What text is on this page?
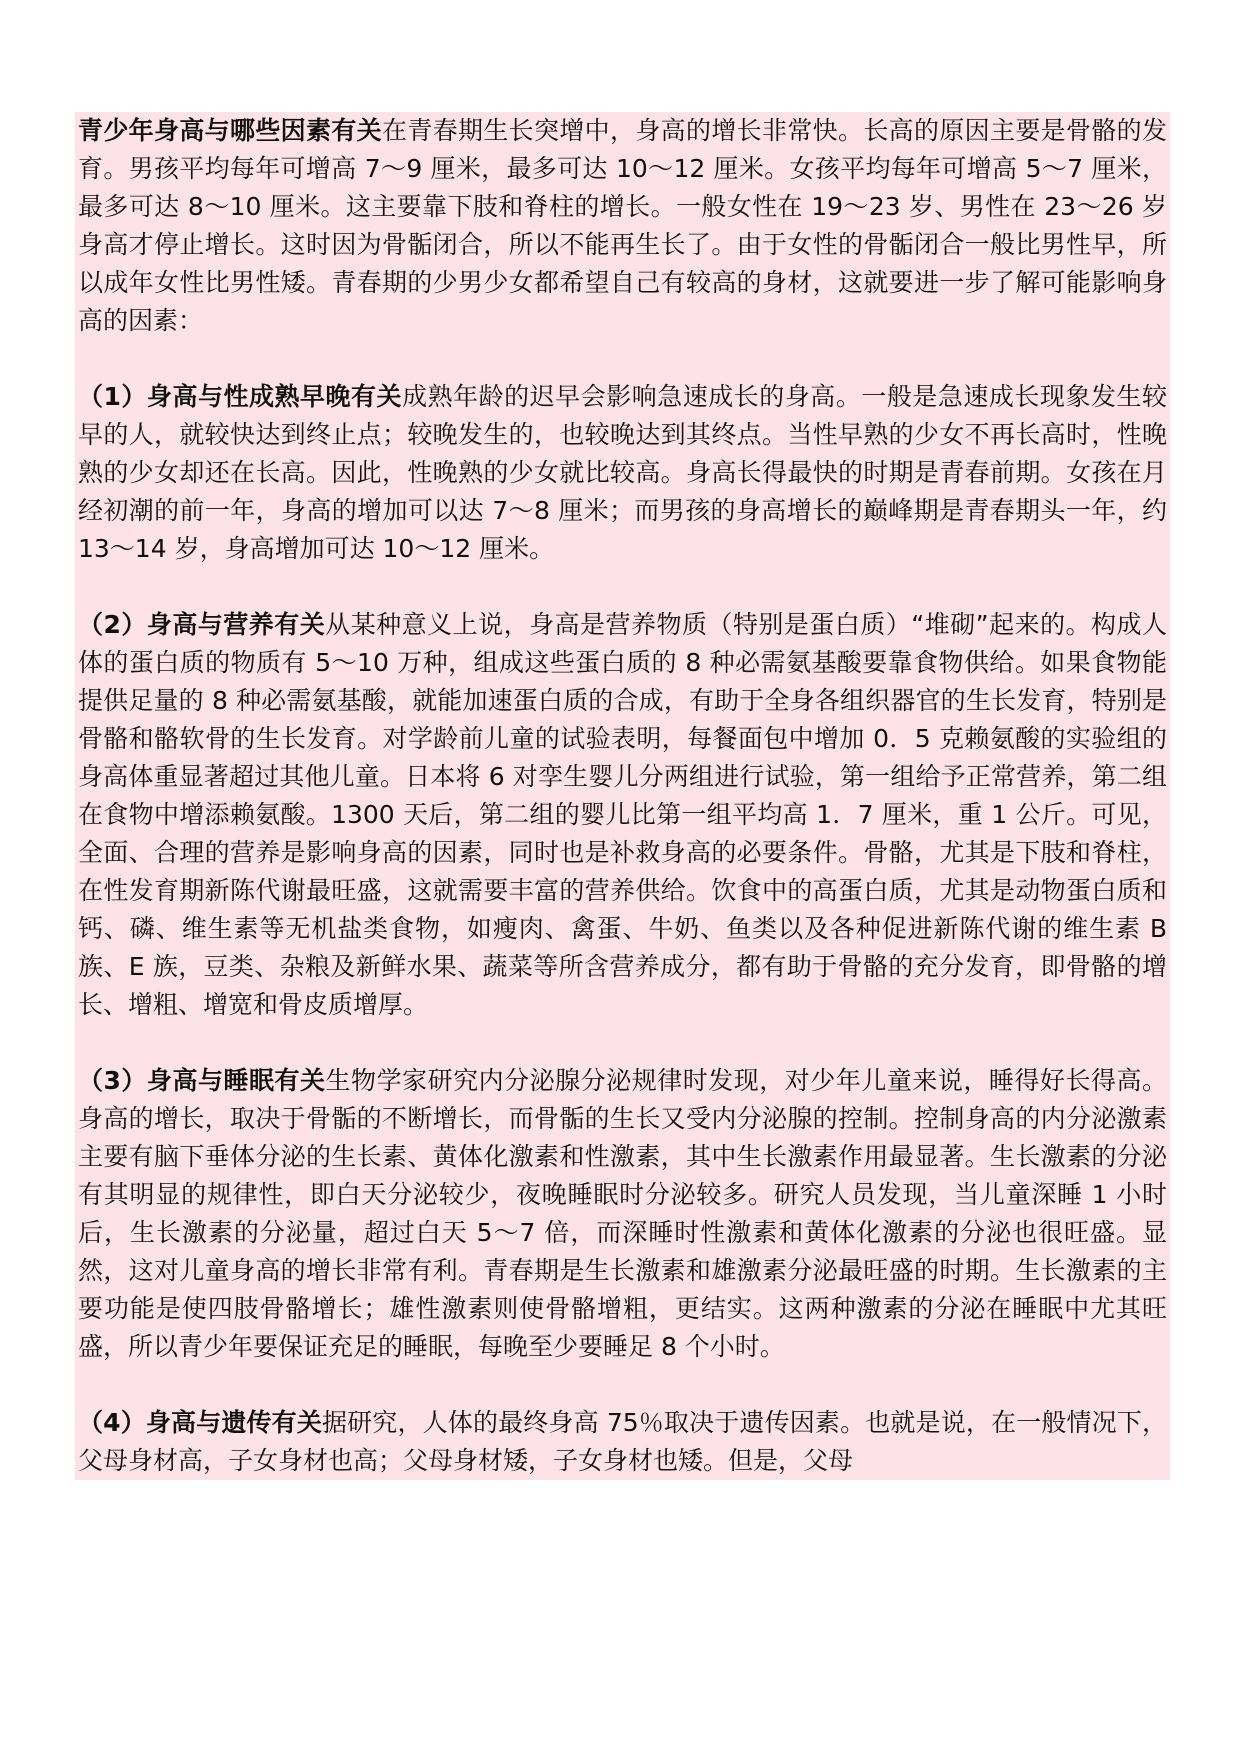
青少年身高与哪些因素有关在青春期生长突增中，身高的增长非常快。长高的原因主要是骨骼的发育。男孩平均每年可增高 7～9 厘米，最多可达 10～12 厘米。女孩平均每年可增高 5～7 厘米，最多可达 8～10 厘米。这主要靠下肢和脊柱的增长。一般女性在 19～23 岁、男性在 23～26 岁身高才停止增长。这时因为骨骺闭合，所以不能再生长了。由于女性的骨骺闭合一般比男性早，所以成年女性比男性矮。青春期的少男少女都希望自己有较高的身材，这就要进一步了解可能影响身高的因素：

（1）身高与性成熟早晚有关成熟年龄的迟早会影响急速成长的身高。一般是急速成长现象发生较早的人，就较快达到终止点；较晚发生的，也较晚达到其终点。当性早熟的少女不再长高时，性晚熟的少女却还在长高。因此，性晚熟的少女就比较高。身高长得最快的时期是青春前期。女孩在月经初潮的前一年，身高的增加可以达 7～8 厘米；而男孩的身高增长的巅峰期是青春期头一年，约 13～14 岁，身高增加可达 10～12 厘米。

（2）身高与营养有关从某种意义上说，身高是营养物质（特别是蛋白质）“堆砌”起来的。构成人体的蛋白质的物质有 5～10 万种，组成这些蛋白质的 8 种必需氨基酸要靠食物供给。如果食物能提供足量的 8 种必需氨基酸，就能加速蛋白质的合成，有助于全身各组织器官的生长发育，特别是骨骼和骼软骨的生长发育。对学龄前儿童的试验表明，每餐面包中增加 0．5 克赖氨酸的实验组的身高体重显著超过其他儿童。日本将 6 对孪生婴儿分两组进行试验，第一组给予正常营养，第二组在食物中增添赖氨酸。1300 天后，第二组的婴儿比第一组平均高 1．7 厘米，重 1 公斤。可见，全面、合理的营养是影响身高的因素，同时也是补救身高的必要条件。骨骼，尤其是下肢和脊柱，在性发育期新陈代谢最旺盛，这就需要丰富的营养供给。饮食中的高蛋白质，尤其是动物蛋白质和钙、磷、维生素等无机盐类食物，如瘦肉、禽蛋、牛奶、鱼类以及各种促进新陈代谢的维生素 B 族、E 族，豆类、杂粮及新鲜水果、蔬菜等所含营养成分，都有助于骨骼的充分发育，即骨骼的增长、增粗、增宽和骨皮质增厚。

（3）身高与睡眠有关生物学家研究内分泌腺分泌规律时发现，对少年儿童来说，睡得好长得高。身高的增长，取决于骨骺的不断增长，而骨骺的生长又受内分泌腺的控制。控制身高的内分泌激素主要有脑下垂体分泌的生长素、黄体化激素和性激素，其中生长激素作用最显著。生长激素的分泌有其明显的规律性，即白天分泌较少，夜晚睡眠时分泌较多。研究人员发现，当儿童深睡 1 小时后，生长激素的分泌量，超过白天 5～7 倍，而深睡时性激素和黄体化激素的分泌也很旺盛。显然，这对儿童身高的增长非常有利。青春期是生长激素和雄激素分泌最旺盛的时期。生长激素的主要功能是使四肢骨骼增长；雄性激素则使骨骼增粗，更结实。这两种激素的分泌在睡眠中尤其旺盛，所以青少年要保证充足的睡眠，每晚至少要睡足 8 个小时。

（4）身高与遗传有关据研究，人体的最终身高 75％取决于遗传因素。也就是说，在一般情况下，父母身材高，子女身材也高；父母身材矮，子女身材也矮。但是，父母
